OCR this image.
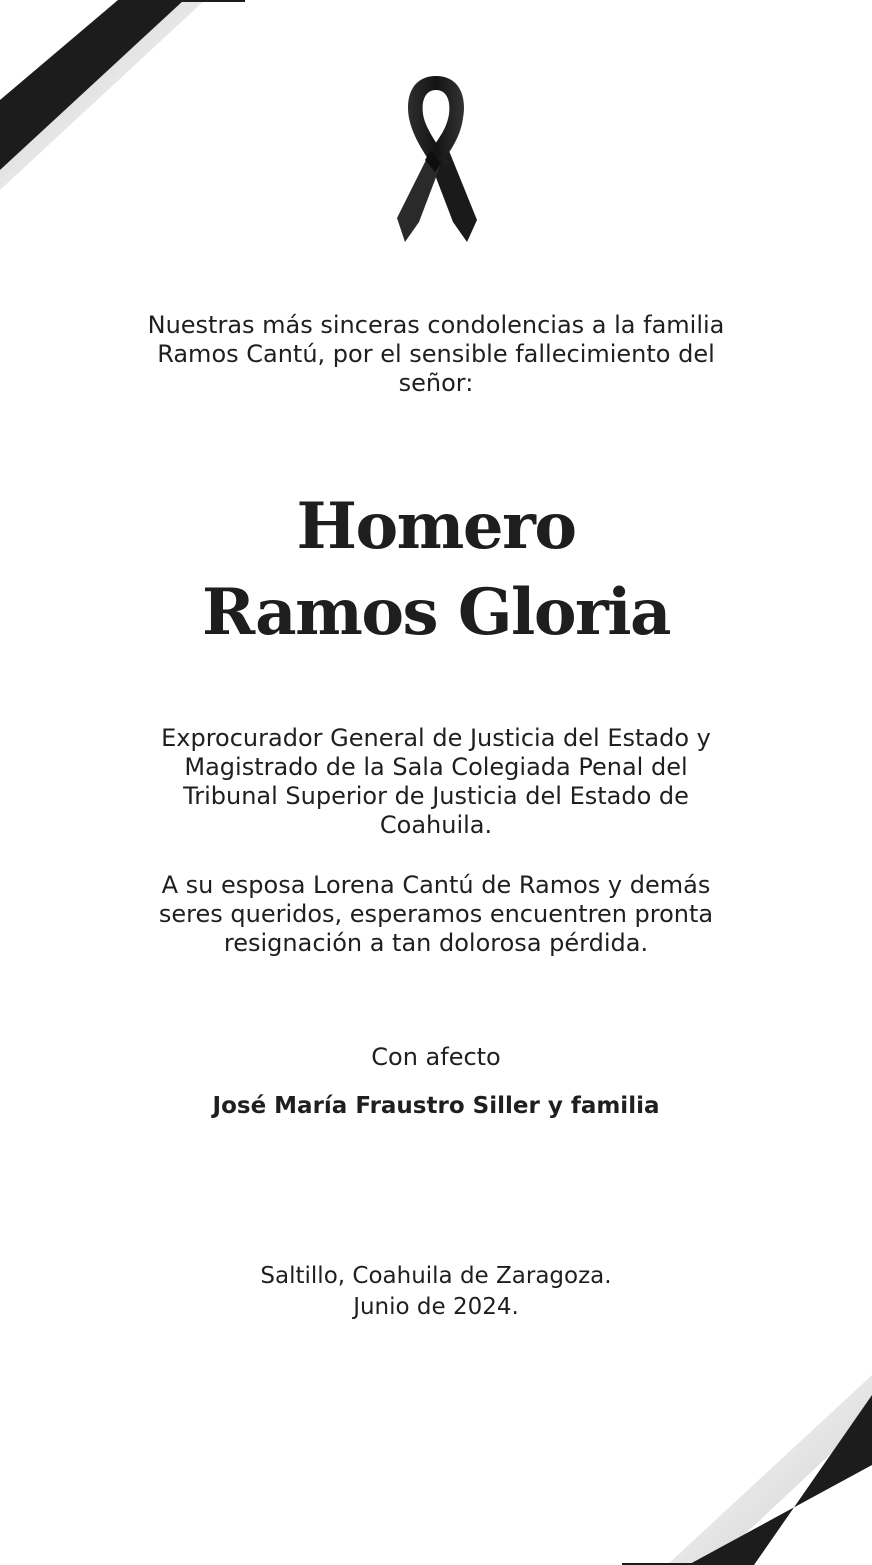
Nuestras más sinceras condolencias a la familia
Ramos Cantú, por el sensible fallecimiento del
señor:

Homero
Ramos Gloria

Exprocurador General de Justicia del Estado y
Magistrado de la Sala Colegiada Penal del
Tribunal Superior de Justicia del Estado de
Coahuila.

A su esposa Lorena Cantú de Ramos y demás
seres queridos, esperamos encuentren pronta
resignación a tan dolorosa pérdida.

Con afecto

José María Fraustro Siller y familia

Saltillo, Coahuila de Zaragoza.
Junio de 2024.
